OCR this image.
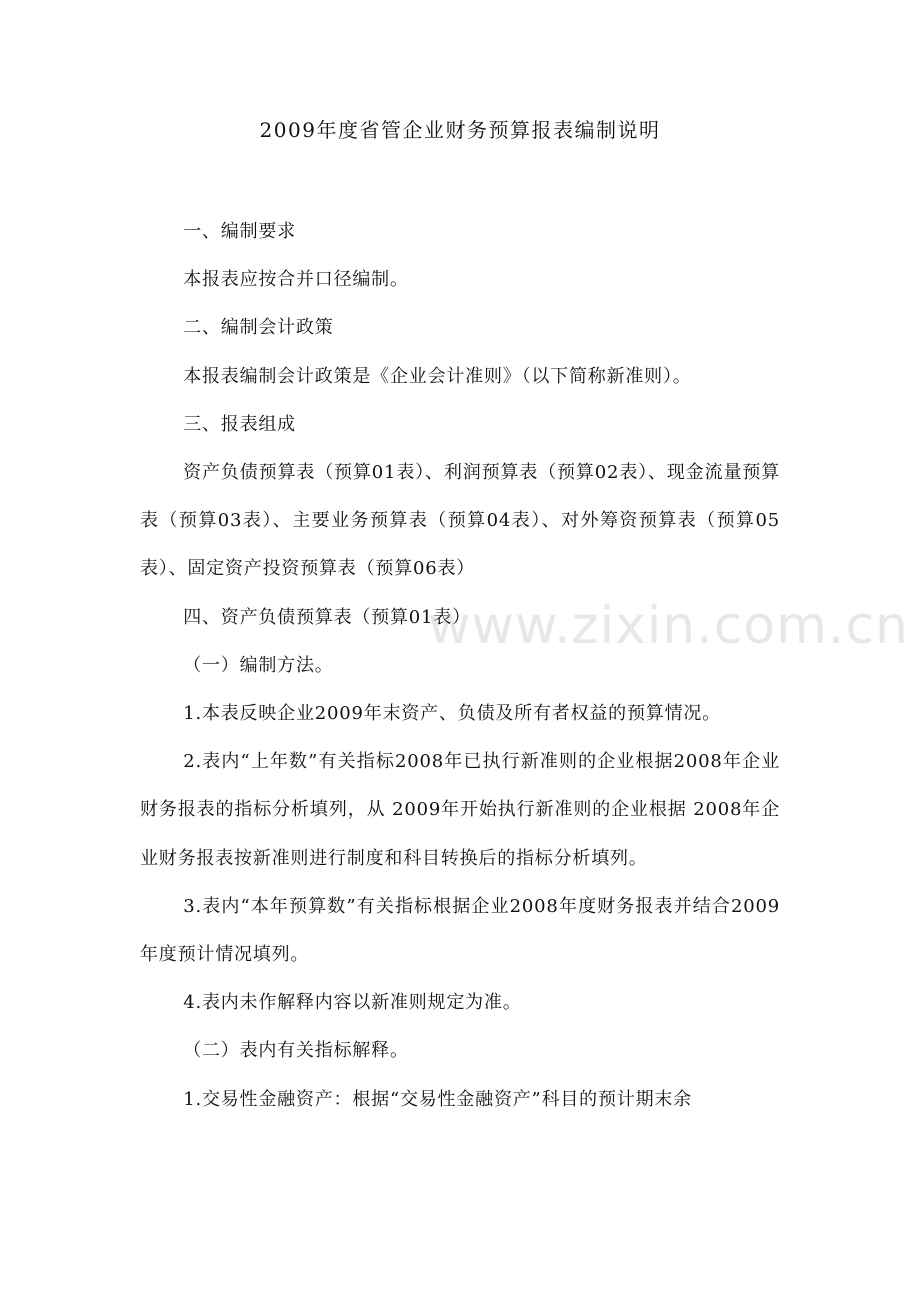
2009年度省管企业财务预算报表编制说明

一、编制要求

本报表应按合并口径编制。

二、编制会计政策

本报表编制会计政策是《企业会计准则》（以下简称新准则）。

三、报表组成

资产负债预算表（预算01表）、利润预算表（预算02表）、现金流量预算表（预算03表）、主要业务预算表（预算04表）、对外筹资预算表（预算05表）、固定资产投资预算表（预算06表）

四、资产负债预算表（预算01表）

（一）编制方法。

1.本表反映企业2009年末资产、负债及所有者权益的预算情况。

2.表内“上年数”有关指标2008年已执行新准则的企业根据2008年企业财务报表的指标分析填列，从 2009年开始执行新准则的企业根据 2008年企业财务报表按新准则进行制度和科目转换后的指标分析填列。

3.表内“本年预算数”有关指标根据企业2008年度财务报表并结合2009年度预计情况填列。

4.表内未作解释内容以新准则规定为准。

（二）表内有关指标解释。

1.交易性金融资产：根据“交易性金融资产”科目的预计期末余

www.zixin.com.cn
